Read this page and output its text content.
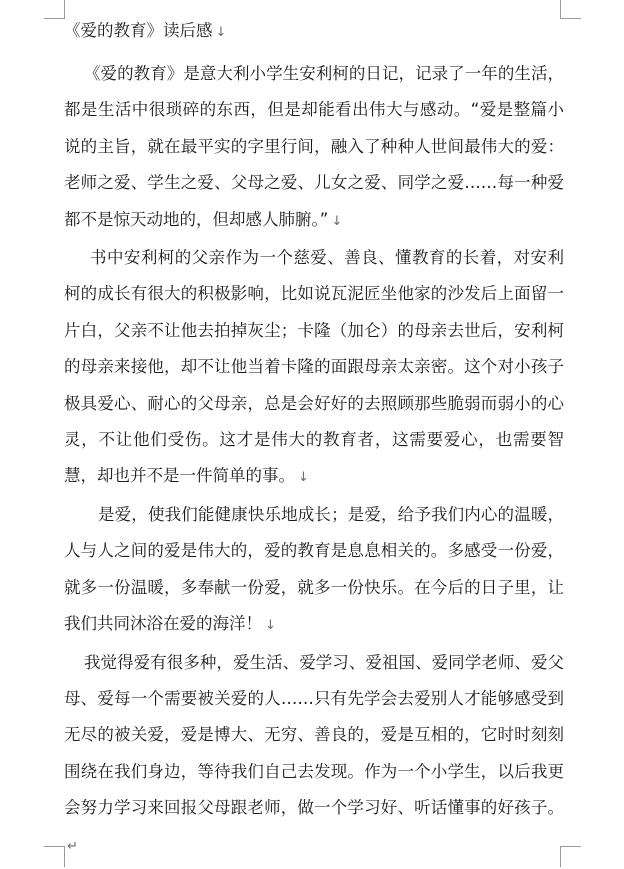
《爱的教育》读后感 ↓

《爱的教育》是意大利小学生安利柯的日记，记录了一年的生活，都是生活中很琐碎的东西，但是却能看出伟大与感动。“爱是整篇小说的主旨，就在最平实的字里行间，融入了种种人世间最伟大的爱：老师之爱、学生之爱、父母之爱、儿女之爱、同学之爱……每一种爱都不是惊天动地的，但却感人肺腑。” ↓

书中安利柯的父亲作为一个慈爱、善良、懂教育的长着，对安利柯的成长有很大的积极影响，比如说瓦泥匠坐他家的沙发后上面留一片白，父亲不让他去拍掉灰尘；卡隆（加仑）的母亲去世后，安利柯的母亲来接他，却不让他当着卡隆的面跟母亲太亲密。这个对小孩子极具爱心、耐心的父母亲，总是会好好的去照顾那些脆弱而弱小的心灵，不让他们受伤。这才是伟大的教育者，这需要爱心，也需要智慧，却也并不是一件简单的事。 ↓

是爱，使我们能健康快乐地成长；是爱，给予我们内心的温暖，人与人之间的爱是伟大的，爱的教育是息息相关的。多感受一份爱，就多一份温暖，多奉献一份爱，就多一份快乐。在今后的日子里，让我们共同沐浴在爱的海洋！ ↓

我觉得爱有很多种，爱生活、爱学习、爱祖国、爱同学老师、爱父母、爱每一个需要被关爱的人……只有先学会去爱别人才能够感受到无尽的被关爱，爱是博大、无穷、善良的，爱是互相的，它时时刻刻围绕在我们身边，等待我们自己去发现。作为一个小学生，以后我更会努力学习来回报父母跟老师，做一个学习好、听话懂事的好孩子。↵
